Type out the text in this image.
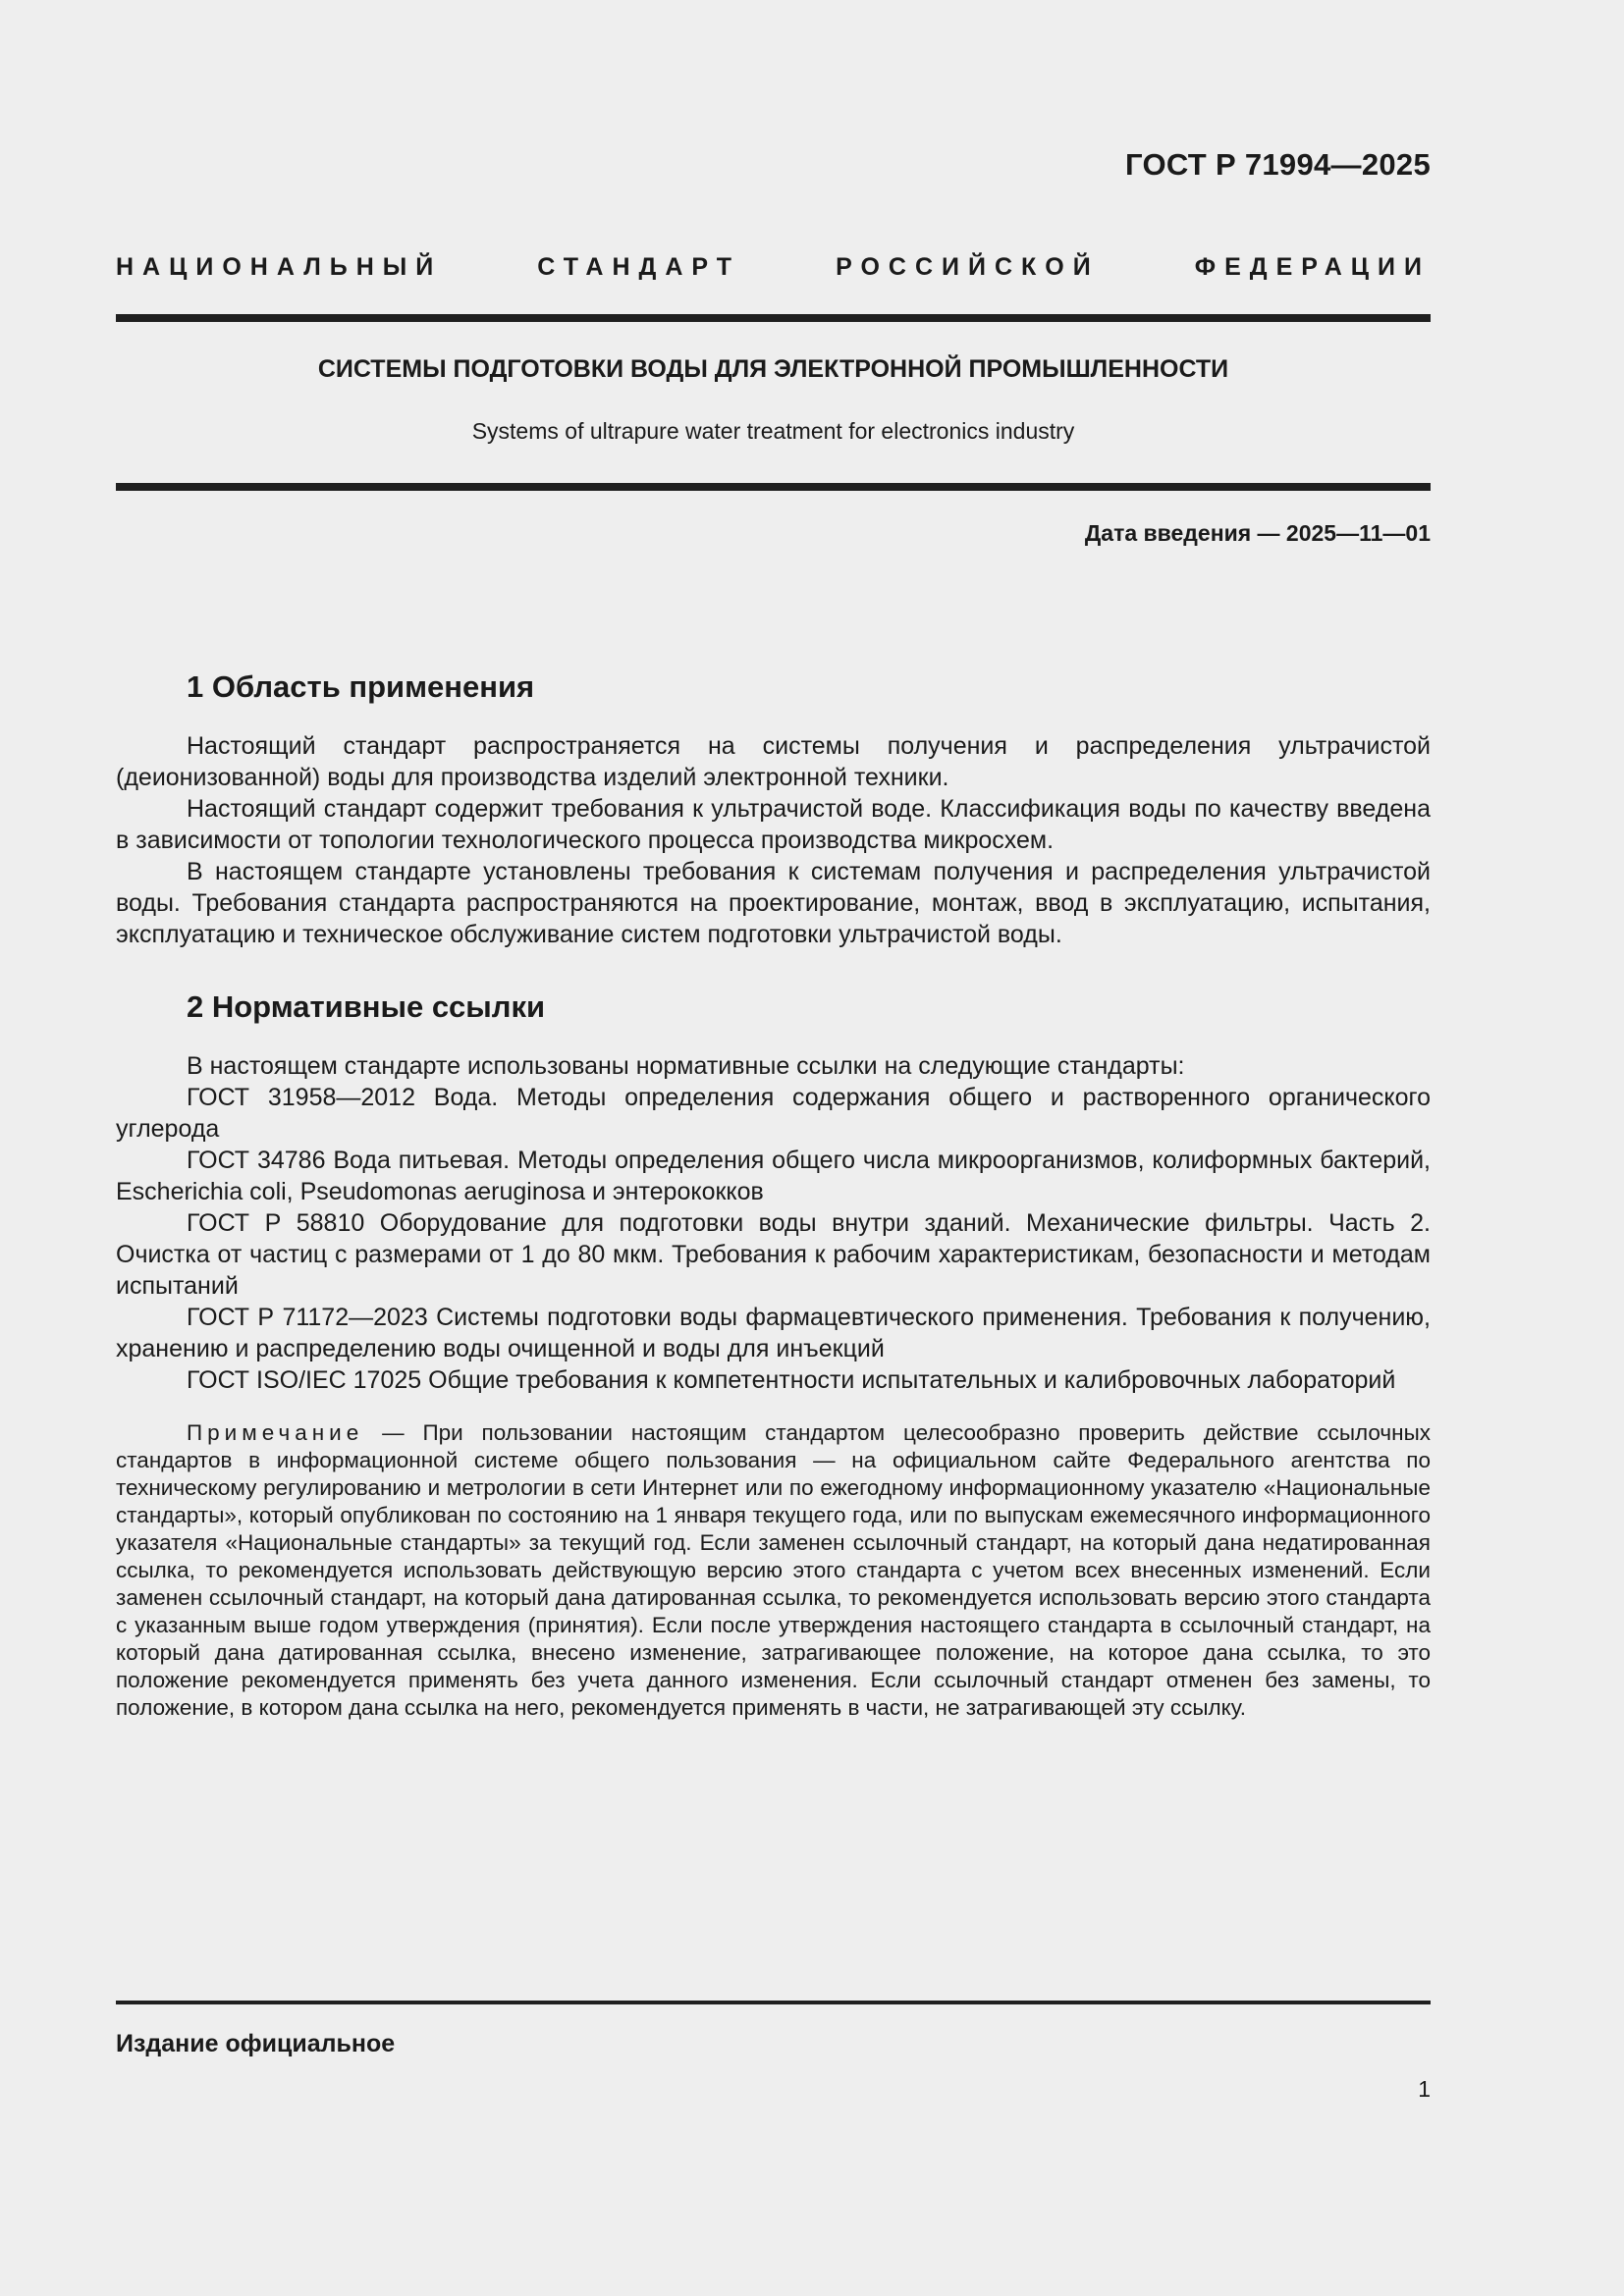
ГОСТ Р 71994—2025
НАЦИОНАЛЬНЫЙ СТАНДАРТ РОССИЙСКОЙ ФЕДЕРАЦИИ
СИСТЕМЫ ПОДГОТОВКИ ВОДЫ ДЛЯ ЭЛЕКТРОННОЙ ПРОМЫШЛЕННОСТИ
Systems of ultrapure water treatment for electronics industry
Дата введения — 2025—11—01
1 Область применения

Настоящий стандарт распространяется на системы получения и распределения ультрачистой (деионизованной) воды для производства изделий электронной техники.

Настоящий стандарт содержит требования к ультрачистой воде. Классификация воды по качеству введена в зависимости от топологии технологического процесса производства микросхем.

В настоящем стандарте установлены требования к системам получения и распределения ультрачистой воды. Требования стандарта распространяются на проектирование, монтаж, ввод в эксплуатацию, испытания, эксплуатацию и техническое обслуживание систем подготовки ультрачистой воды.

2 Нормативные ссылки

В настоящем стандарте использованы нормативные ссылки на следующие стандарты:

ГОСТ 31958—2012 Вода. Методы определения содержания общего и растворенного органического углерода

ГОСТ 34786 Вода питьевая. Методы определения общего числа микроорганизмов, колиформных бактерий, Escherichia coli, Pseudomonas aeruginosa и энтерококков

ГОСТ Р 58810 Оборудование для подготовки воды внутри зданий. Механические фильтры. Часть 2. Очистка от частиц с размерами от 1 до 80 мкм. Требования к рабочим характеристикам, безопасности и методам испытаний

ГОСТ Р 71172—2023 Системы подготовки воды фармацевтического применения. Требования к получению, хранению и распределению воды очищенной и воды для инъекций

ГОСТ ISO/IEC 17025 Общие требования к компетентности испытательных и калибровочных лабораторий

Примечание — При пользовании настоящим стандартом целесообразно проверить действие ссылочных стандартов в информационной системе общего пользования — на официальном сайте Федерального агентства по техническому регулированию и метрологии в сети Интернет или по ежегодному информационному указателю «Национальные стандарты», который опубликован по состоянию на 1 января текущего года, или по выпускам ежемесячного информационного указателя «Национальные стандарты» за текущий год. Если заменен ссылочный стандарт, на который дана недатированная ссылка, то рекомендуется использовать действующую версию этого стандарта с учетом всех внесенных изменений. Если заменен ссылочный стандарт, на который дана датированная ссылка, то рекомендуется использовать версию этого стандарта с указанным выше годом утверждения (принятия). Если после утверждения настоящего стандарта в ссылочный стандарт, на который дана датированная ссылка, внесено изменение, затрагивающее положение, на которое дана ссылка, то это положение рекомендуется применять без учета данного изменения. Если ссылочный стандарт отменен без замены, то положение, в котором дана ссылка на него, рекомендуется применять в части, не затрагивающей эту ссылку.

Издание официальное
1
